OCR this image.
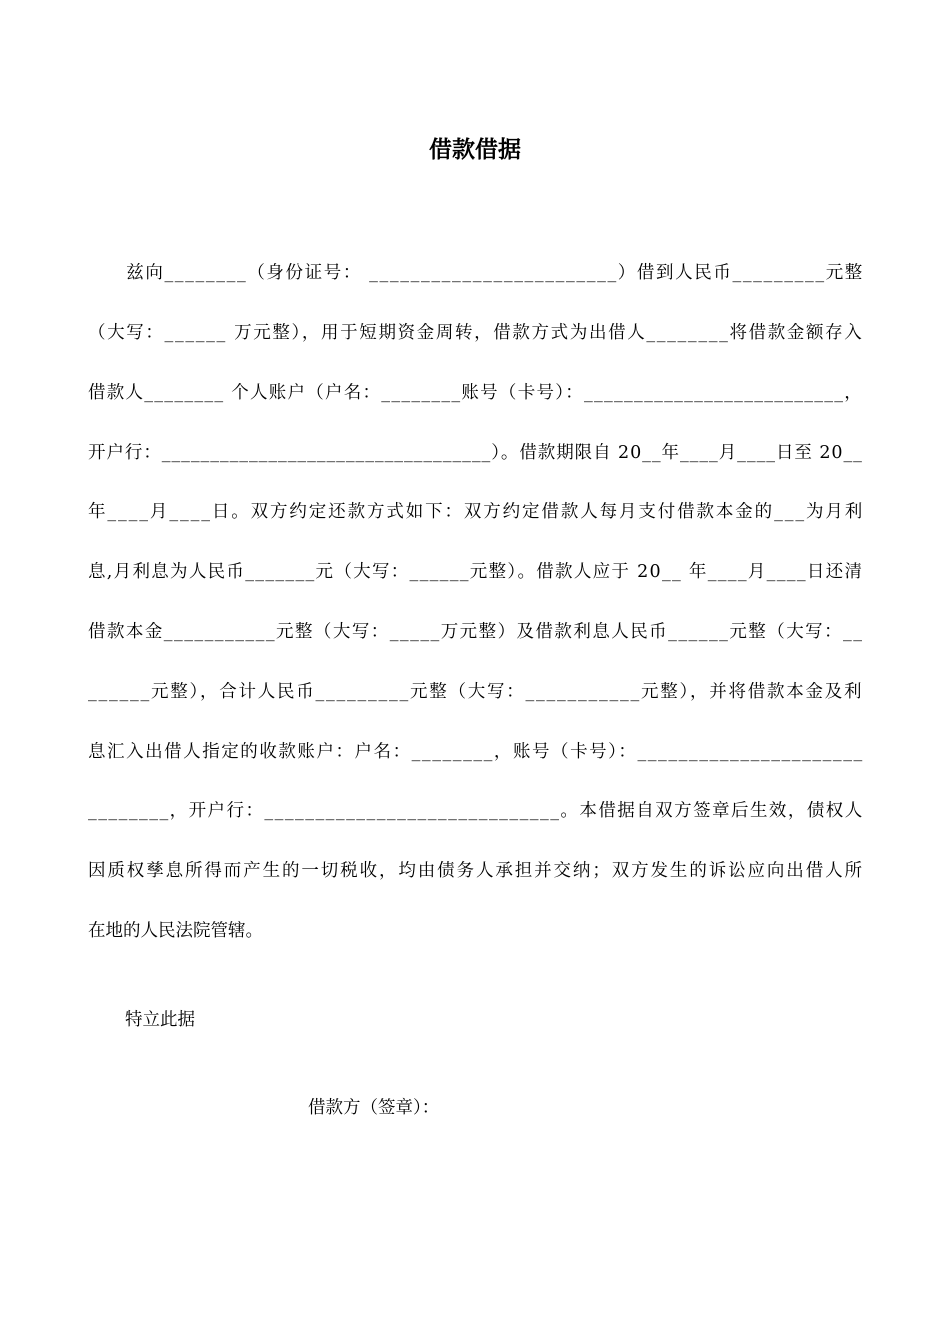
借款借据
　　兹向________（身份证号： ________________________）借到人民币_________元整
（大写：______ 万元整），用于短期资金周转，借款方式为出借人________将借款金额存入
借款人________ 个人账户（户名：________账号（卡号）：__________________________，
开户行：__________________________________）。借款期限自 20__年____月____日至 20__
年____月____日。双方约定还款方式如下：双方约定借款人每月支付借款本金的___为月利
息,月利息为人民币_______元（大写：______元整）。借款人应于 20__ 年____月____日还清
借款本金___________元整（大写：_____万元整）及借款利息人民币______元整（大写：__
______元整），合计人民币_________元整（大写：___________元整），并将借款本金及利
息汇入出借人指定的收款账户：户名：________，账号（卡号）：______________________
________，开户行：_____________________________。本借据自双方签章后生效，债权人
因质权孳息所得而产生的一切税收，均由债务人承担并交纳；双方发生的诉讼应向出借人所
在地的人民法院管辖。
特立此据
借款方（签章）：
